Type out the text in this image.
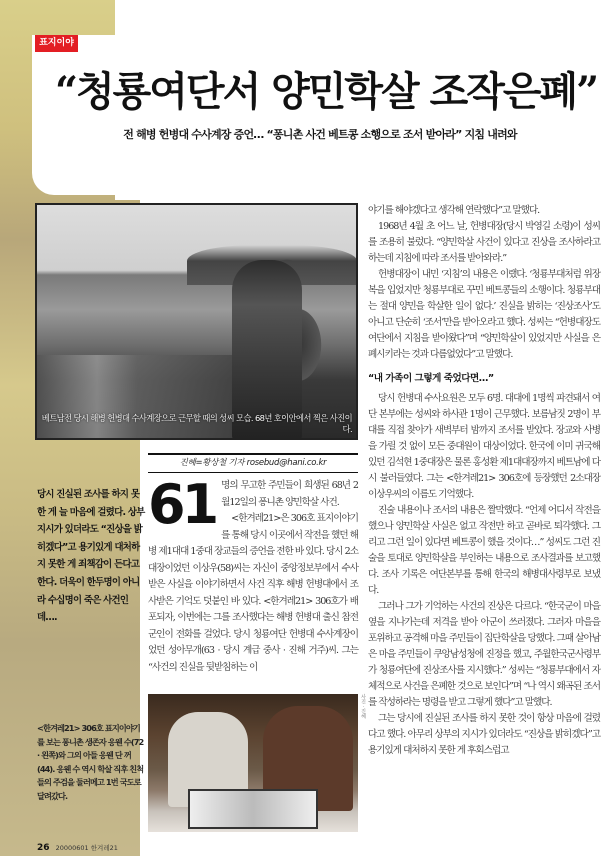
표지이야기
“청룡여단서 양민학살 조작은폐”
전 해병 헌병대 수사계장 증언… “퐁니촌 사건 베트콩 소행으로 조서 받아라” 지침 내려와
베트남전 당시 해병 헌병대 수사계장으로 근무할 때의 성씨 모습. 68년 호이안에서 찍은 사진이다.
진혜=황상철 기자 rosebud@hani.co.kr
당시 진실된 조사를 하지 못한 게 늘 마음에 걸렸다. 상부 지시가 있더라도 “진상을 밝히겠다”고 용기있게 대처하지 못한 게 죄책감이 든다고 한다. 더욱이 한두명이 아니라 수십명이 죽은 사건인데….
61 명의 무고한 주민들이 희생된 68년 2월12일의 퐁니촌 양민학살 사건.

<한겨레21>은 306호 표지이야기를 통해 당시 이곳에서 작전을 했던 해병 제1대대 1중대 장교들의 증언을 전한 바 있다. 당시 2소대장이었던 이상우(58)씨는 자신이 중앙정보부에서 수사받은 사실을 이야기하면서 사건 직후 해병 헌병대에서 조사받은 기억도 덧붙인 바 있다. <한겨레21> 306호가 배포되자, 이번에는 그를 조사했다는 해병 헌병대 출신 참전군인이 전화를 걸었다. 당시 청룡여단 헌병대 수사계장이었던 성아무개(63 · 당시 계급 중사 · 진해 거주)씨. 그는 “사건의 진실을 뒷받침하는 이

사진 · 진혜
<한겨레21> 306호 표지이야기를 보는 퐁니촌 생존자 응웬 수(72 · 왼쪽)와 그의 아들 응웬 단 꺼(44). 응웬 수 역시 학살 직후 친척들의 주검을 둘러메고 1번 국도로 달려갔다.

야기를 해야겠다고 생각해 연락했다”고 말했다.

1968년 4월 초 어느 날, 헌병대장(당시 박영길 소령)이 성씨를 조용히 불렀다. “양민학살 사건이 있다고 진상을 조사하라고 하는데 지침에 따라 조서를 받아와라.”

헌병대장이 내민 ‘지침’의 내용은 이랬다. ‘청룡부대처럼 위장복을 입었지만 청룡부대로 꾸민 베트콩들의 소행이다. 청룡부대는 절대 양민을 학살한 일이 없다.’ 진실을 밝히는 ‘진상조사’도 아니고 단순히 ‘조서’만을 받아오라고 했다. 성씨는 “헌병대장도 여단에서 지침을 받아왔다”며 “양민학살이 있었지만 사실을 은폐시키라는 것과 다름없었다”고 말했다.

“내 가족이 그렇게 죽었다면…”

당시 헌병대 수사요원은 모두 6명. 대대에 1명씩 파견돼서 여단 본부에는 성씨와 하사관 1명이 근무했다. 보름남짓 2명이 부대를 직접 찾아가 새벽부터 밤까지 조서를 받았다. 장교와 사병을 가릴 것 없이 모든 중대원이 대상이었다. 한국에 이미 귀국해 있던 김석현 1중대장은 물론 홍성환 제1대대장까지 베트남에 다시 불러들였다. 그는 <한겨레21> 306호에 등장했던 2소대장 이상우씨의 이름도 기억했다.

진술 내용이나 조서의 내용은 짤막했다. “언제 어디서 작전을 했으나 양민학살 사실은 없고 작전만 하고 곧바로 퇴각했다. 그리고 그런 일이 있다면 베트콩이 했을 것이다…” 성씨도 그런 진술을 토대로 양민학살을 부인하는 내용으로 조사결과를 보고했다. 조사 기록은 여단본부를 통해 한국의 해병대사령부로 보냈다.

그러나 그가 기억하는 사건의 진상은 다르다. “한국군이 마을 옆을 지나가는데 저격을 받아 아군이 쓰러졌다. 그러자 마을을 포위하고 공격해 마을 주민들이 집단학살을 당했다. 그때 살아남은 마을 주민들이 쿠앙남성청에 진정을 했고, 주월한국군사령부가 청룡여단에 진상조사를 지시했다.” 성씨는 “청룡부대에서 자체적으로 사건을 은폐한 것으로 보인다”며 “나 역시 왜곡된 조서를 작성하라는 명령을 받고 그렇게 했다”고 말했다.

그는 당시에 진실된 조사를 하지 못한 것이 항상 마음에 걸렸다고 했다. 아무리 상부의 지시가 있더라도 “진상을 밝히겠다”고 용기있게 대처하지 못한 게 후회스럽고

26 20000601 한겨레21
